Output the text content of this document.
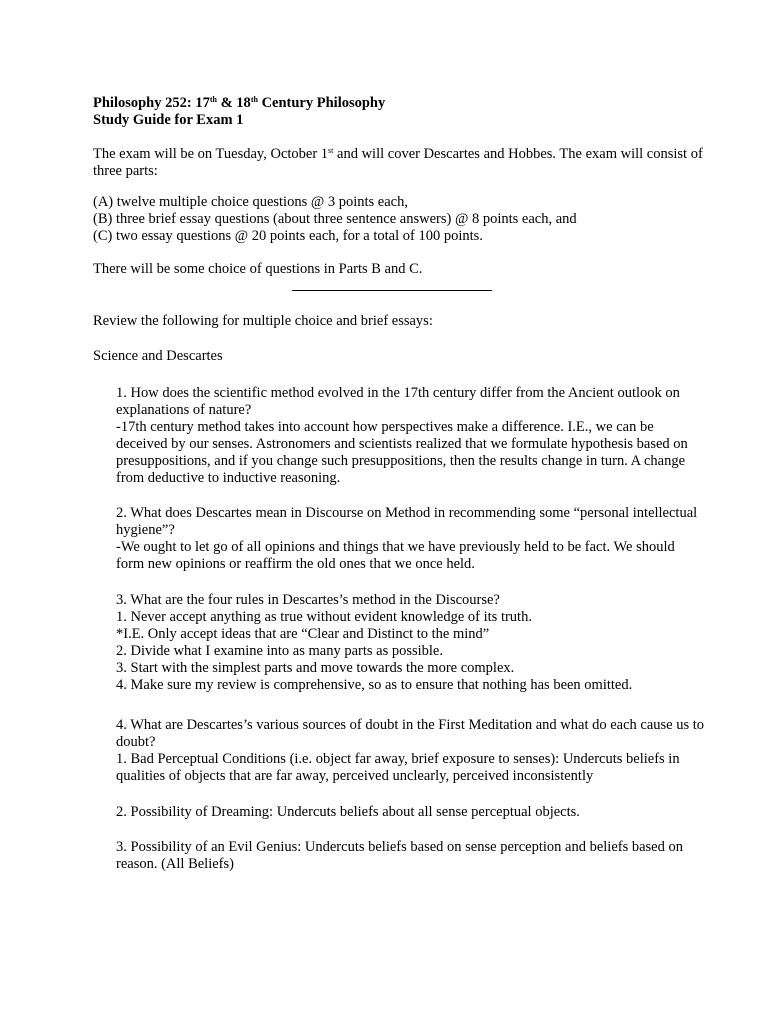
Philosophy 252: 17th & 18th Century Philosophy
Study Guide for Exam 1
The exam will be on Tuesday, October 1st and will cover Descartes and Hobbes. The exam will consist of three parts:
(A) twelve multiple choice questions @ 3 points each,
(B) three brief essay questions (about three sentence answers) @ 8 points each, and
(C) two essay questions @ 20 points each, for a total of 100 points.
There will be some choice of questions in Parts B and C.
Review the following for multiple choice and brief essays:
Science and Descartes
1. How does the scientific method evolved in the 17th century differ from the Ancient outlook on explanations of nature?
-17th century method takes into account how perspectives make a difference. I.E., we can be deceived by our senses. Astronomers and scientists realized that we formulate hypothesis based on presuppositions, and if you change such presuppositions, then the results change in turn. A change from deductive to inductive reasoning.
2. What does Descartes mean in Discourse on Method in recommending some “personal intellectual hygiene”?
-We ought to let go of all opinions and things that we have previously held to be fact. We should form new opinions or reaffirm the old ones that we once held.
3. What are the four rules in Descartes’s method in the Discourse?
1. Never accept anything as true without evident knowledge of its truth.
*I.E. Only accept ideas that are “Clear and Distinct to the mind”
2. Divide what I examine into as many parts as possible.
3. Start with the simplest parts and move towards the more complex.
4. Make sure my review is comprehensive, so as to ensure that nothing has been omitted.
4. What are Descartes’s various sources of doubt in the First Meditation and what do each cause us to doubt?
1. Bad Perceptual Conditions (i.e. object far away, brief exposure to senses): Undercuts beliefs in qualities of objects that are far away, perceived unclearly, perceived inconsistently
2. Possibility of Dreaming: Undercuts beliefs about all sense perceptual objects.
3. Possibility of an Evil Genius: Undercuts beliefs based on sense perception and beliefs based on reason. (All Beliefs)
